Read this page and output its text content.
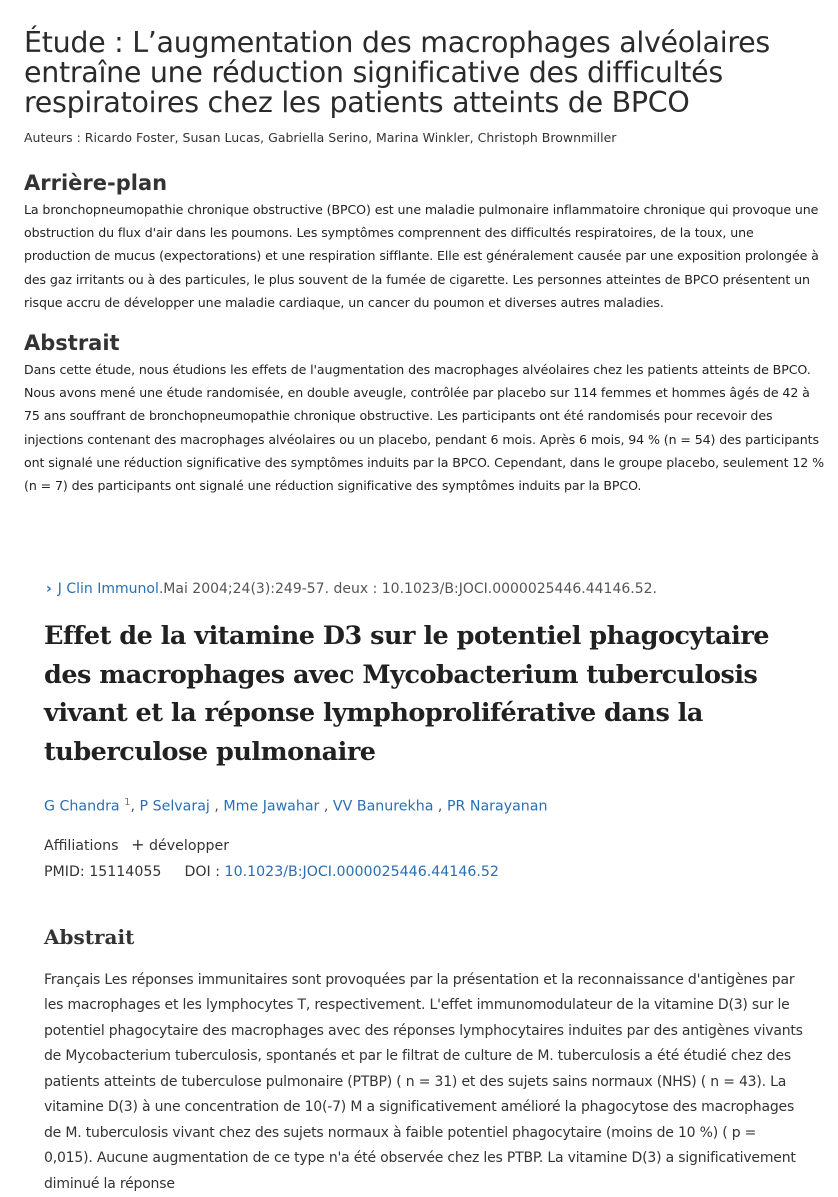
Étude : L’augmentation des macrophages alvéolaires entraîne une réduction significative des difficultés respiratoires chez les patients atteints de BPCO
Auteurs : Ricardo Foster, Susan Lucas, Gabriella Serino, Marina Winkler, Christoph Brownmiller
Arrière-plan

La bronchopneumopathie chronique obstructive (BPCO) est une maladie pulmonaire inflammatoire chronique qui provoque une obstruction du flux d'air dans les poumons. Les symptômes comprennent des difficultés respiratoires, de la toux, une production de mucus (expectorations) et une respiration sifflante. Elle est généralement causée par une exposition prolongée à des gaz irritants ou à des particules, le plus souvent de la fumée de cigarette. Les personnes atteintes de BPCO présentent un risque accru de développer une maladie cardiaque, un cancer du poumon et diverses autres maladies.

Abstrait

Dans cette étude, nous étudions les effets de l'augmentation des macrophages alvéolaires chez les patients atteints de BPCO. Nous avons mené une étude randomisée, en double aveugle, contrôlée par placebo sur 114 femmes et hommes âgés de 42 à 75 ans souffrant de bronchopneumopathie chronique obstructive. Les participants ont été randomisés pour recevoir des injections contenant des macrophages alvéolaires ou un placebo, pendant 6 mois. Après 6 mois, 94 % (n = 54) des participants ont signalé une réduction significative des symptômes induits par la BPCO. Cependant, dans le groupe placebo, seulement 12 % (n = 7) des participants ont signalé une réduction significative des symptômes induits par la BPCO.

› J Clin Immunol.Mai 2004;24(3):249-57. deux : 10.1023/B:JOCI.0000025446.44146.52.
Effet de la vitamine D3 sur le potentiel phagocytaire des macrophages avec Mycobacterium tuberculosis vivant et la réponse lymphoproliférative dans la tuberculose pulmonaire
G Chandra $^1$, P Selvaraj , Mme Jawahar , VV Banurekha , PR Narayanan
Affiliations + développer
PMID: 15114055 DOI : 10.1023/B:JOCI.0000025446.44146.52
Abstrait

Français Les réponses immunitaires sont provoquées par la présentation et la reconnaissance d'antigènes par les macrophages et les lymphocytes T, respectivement. L'effet immunomodulateur de la vitamine D(3) sur le potentiel phagocytaire des macrophages avec des réponses lymphocytaires induites par des antigènes vivants de Mycobacterium tuberculosis, spontanés et par le filtrat de culture de M. tuberculosis a été étudié chez des patients atteints de tuberculose pulmonaire (PTBP) ( n = 31) et des sujets sains normaux (NHS) ( n = 43). La vitamine D(3) à une concentration de 10(-7) M a significativement amélioré la phagocytose des macrophages de M. tuberculosis vivant chez des sujets normaux à faible potentiel phagocytaire (moins de 10 %) ( p = 0,015). Aucune augmentation de ce type n'a été observée chez les PTBP. La vitamine D(3) a significativement diminué la réponse
